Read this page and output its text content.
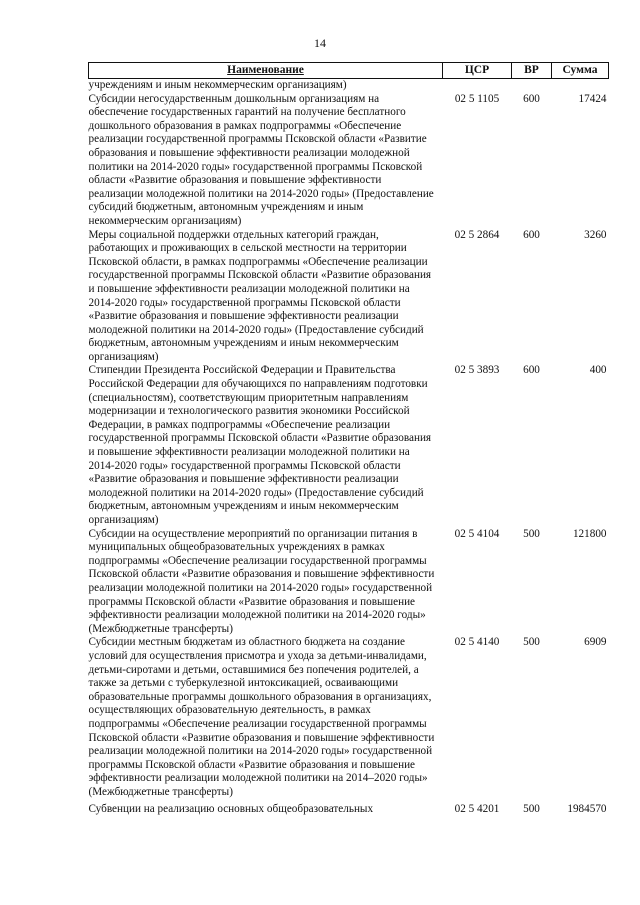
14
Наименование	ЦСР	ВР	Сумма
учреждениям и иным некоммерческим организациям)			
Субсидии негосударственным дошкольным организациям на обеспечение государственных гарантий на получение бесплатного дошкольного образования в рамках подпрограммы «Обеспечение реализации государственной программы Псковской области «Развитие образования и повышение эффективности реализации молодежной политики на 2014-2020 годы» государственной программы Псковской области «Развитие образования и повышение эффективности реализации молодежной политики на 2014-2020 годы» (Предоставление субсидий бюджетным, автономным учреждениям и иным некоммерческим организациям)	02 5 1105	600	17424
Меры социальной поддержки отдельных категорий граждан, работающих и проживающих в сельской местности на территории Псковской области, в рамках подпрограммы «Обеспечение реализации государственной программы Псковской области «Развитие образования и повышение эффективности реализации молодежной политики на 2014-2020 годы» государственной программы Псковской области «Развитие образования и повышение эффективности реализации молодежной политики на 2014-2020 годы» (Предоставление субсидий бюджетным, автономным учреждениям и иным некоммерческим организациям)	02 5 2864	600	3260
Стипендии Президента Российской Федерации и Правительства Российской Федерации для обучающихся по направлениям подготовки (специальностям), соответствующим приоритетным направлениям модернизации и технологического развития экономики Российской Федерации, в рамках подпрограммы «Обеспечение реализации государственной программы Псковской области «Развитие образования и повышение эффективности реализации молодежной политики на 2014-2020 годы» государственной программы Псковской области «Развитие образования и повышение эффективности реализации молодежной политики на 2014-2020 годы» (Предоставление субсидий бюджетным, автономным учреждениям и иным некоммерческим организациям)	02 5 3893	600	400
Субсидии на осуществление мероприятий по организации питания в муниципальных общеобразовательных учреждениях в рамках подпрограммы «Обеспечение реализации государственной программы Псковской области «Развитие образования и повышение эффективности реализации молодежной политики на 2014-2020 годы» государственной программы Псковской области «Развитие образования и повышение эффективности реализации молодежной политики на 2014-2020 годы» (Межбюджетные трансферты)	02 5 4104	500	121800
Субсидии местным бюджетам из областного бюджета на создание условий для осуществления присмотра и ухода за детьми-инвалидами, детьми-сиротами и детьми, оставшимися без попечения родителей, а также за детьми с туберкулезной интоксикацией, осваивающими образовательные программы дошкольного образования в организациях, осуществляющих образовательную деятельность, в рамках подпрограммы «Обеспечение реализации государственной программы Псковской области «Развитие образования и повышение эффективности реализации молодежной политики на 2014-2020 годы» государственной программы Псковской области «Развитие образования и повышение эффективности реализации молодежной политики на 2014–2020 годы» (Межбюджетные трансферты)	02 5 4140	500	6909
Субвенции на реализацию основных общеобразовательных	02 5 4201	500	1984570
